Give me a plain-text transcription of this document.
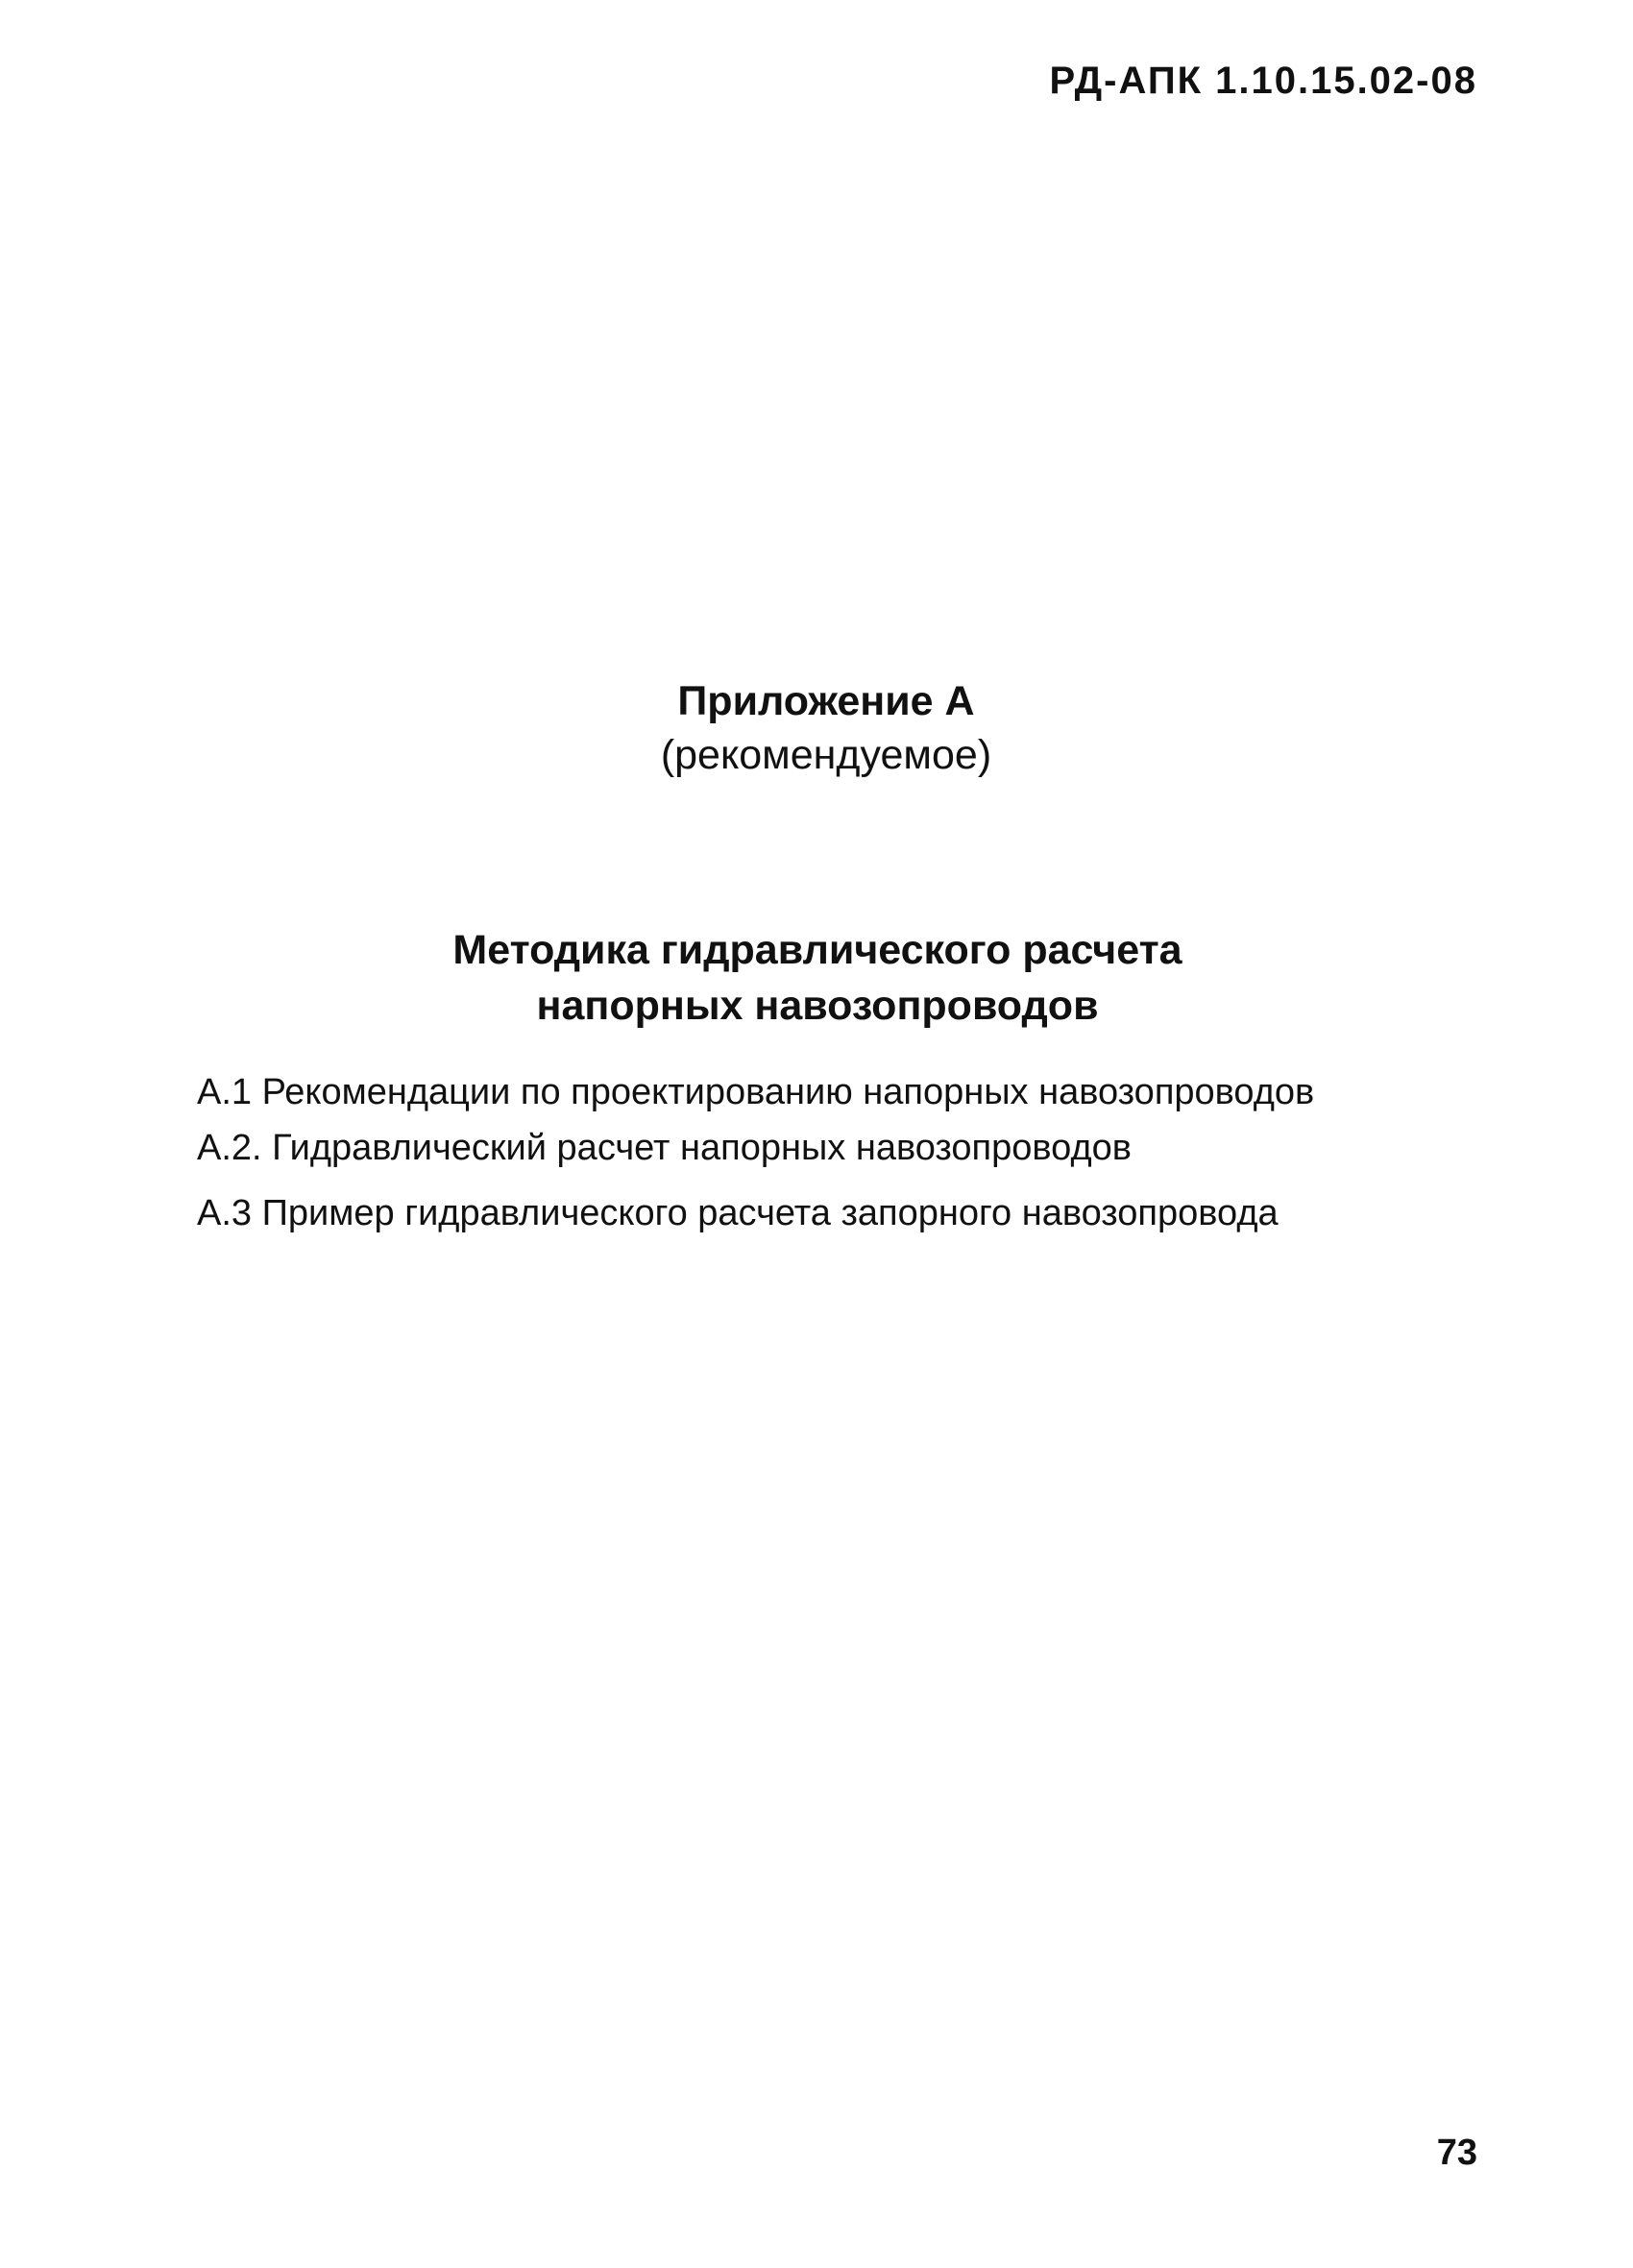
РД-АПК 1.10.15.02-08
Приложение А
(рекомендуемое)
Методика гидравлического расчета
напорных навозопроводов
А.1 Рекомендации по проектированию напорных навозопроводов
А.2. Гидравлический расчет напорных навозопроводов
А.3 Пример гидравлического расчета запорного навозопровода
73
